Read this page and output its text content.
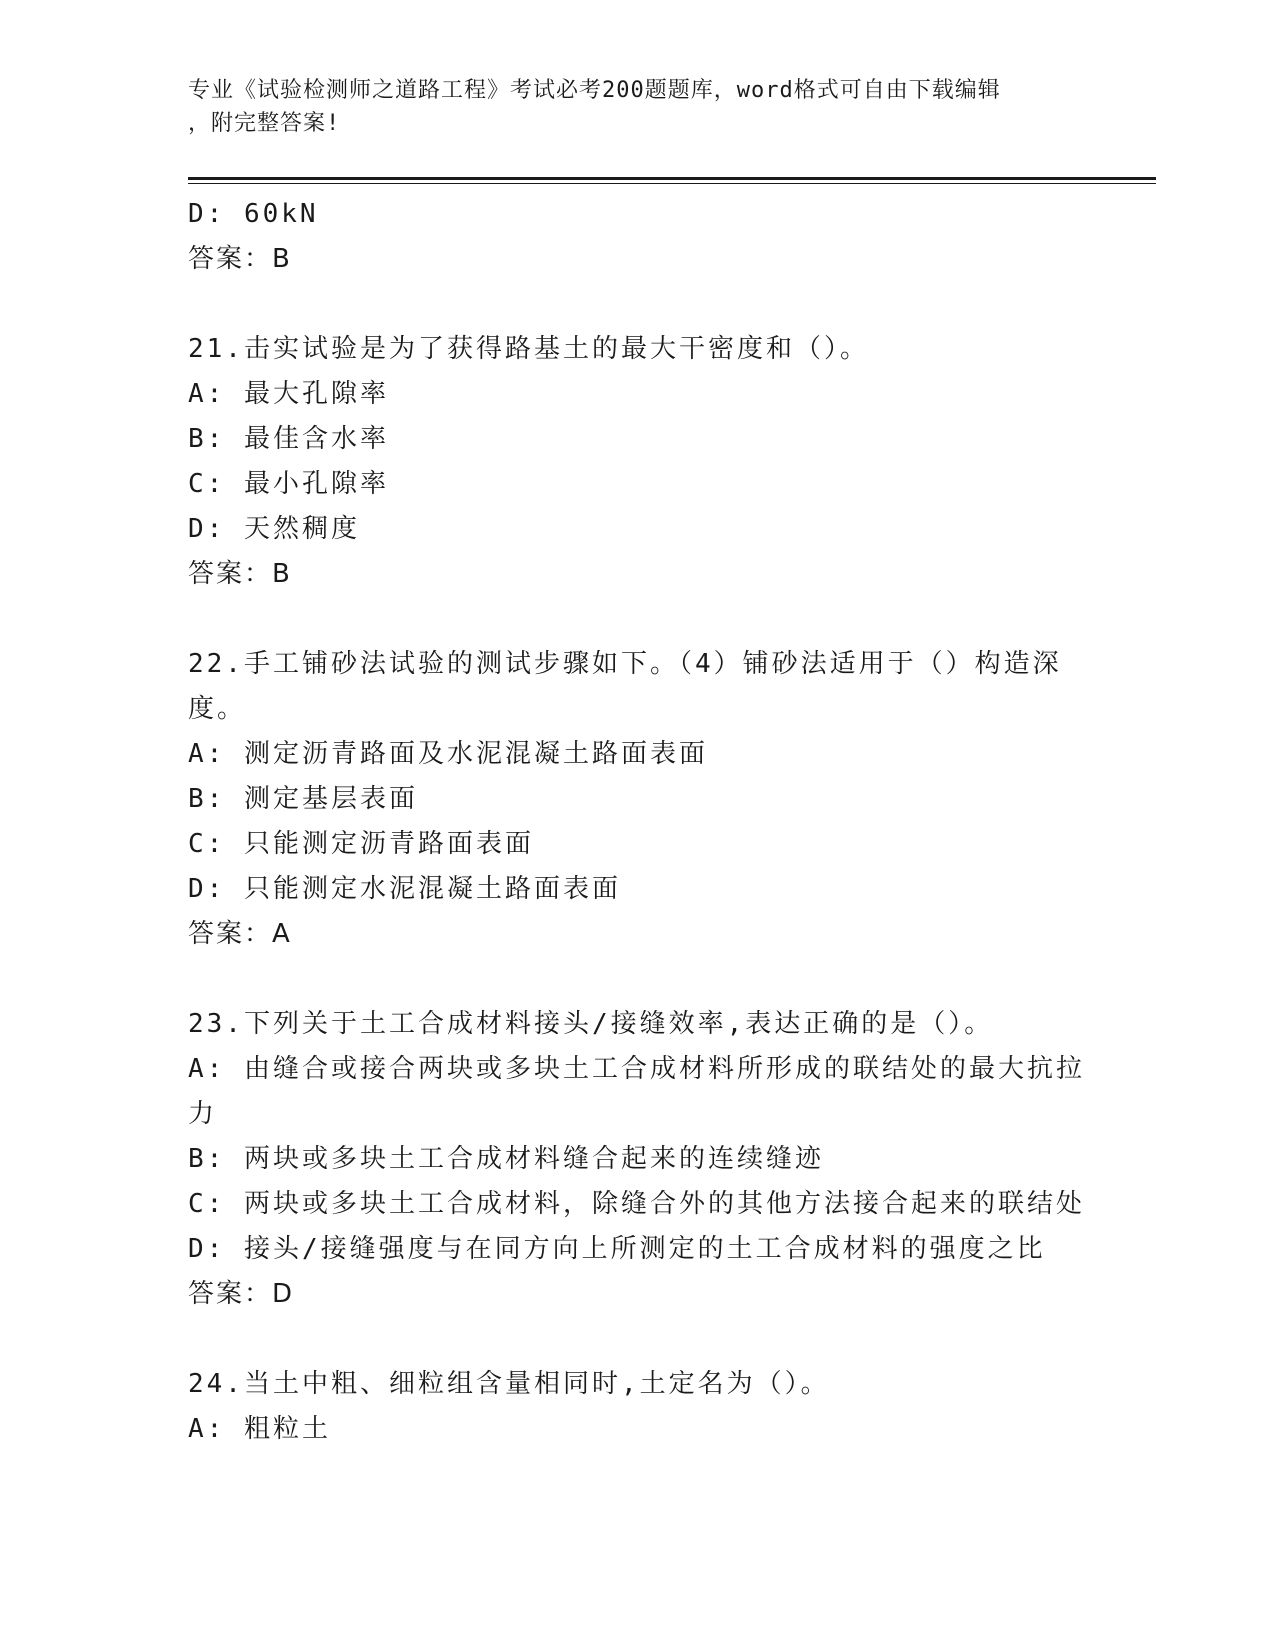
专业《试验检测师之道路工程》考试必考200题题库，word格式可自由下载编辑
，附完整答案!
D: 60kN
答案：B
21.击实试验是为了获得路基土的最大干密度和（）。
A: 最大孔隙率
B: 最佳含水率
C: 最小孔隙率
D: 天然稠度
答案：B
22.手工铺砂法试验的测试步骤如下。（4）铺砂法适用于（）构造深
度。
A: 测定沥青路面及水泥混凝土路面表面
B: 测定基层表面
C: 只能测定沥青路面表面
D: 只能测定水泥混凝土路面表面
答案：A
23.下列关于土工合成材料接头/接缝效率,表达正确的是（）。
A: 由缝合或接合两块或多块土工合成材料所形成的联结处的最大抗拉
力
B: 两块或多块土工合成材料缝合起来的连续缝迹
C: 两块或多块土工合成材料，除缝合外的其他方法接合起来的联结处
D: 接头/接缝强度与在同方向上所测定的土工合成材料的强度之比
答案：D
24.当土中粗、细粒组含量相同时,土定名为（）。
A: 粗粒土
